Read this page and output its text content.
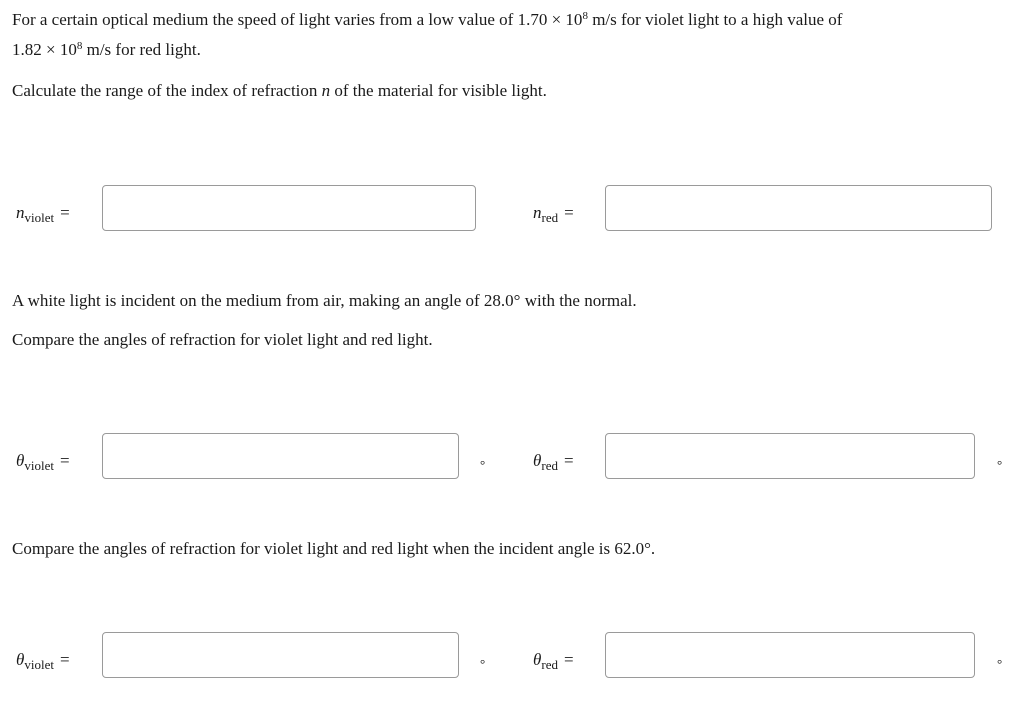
For a certain optical medium the speed of light varies from a low value of $1.70 \times 10^8$ m/s for violet light to a high value of

$1.82 \times 10^8$ m/s for red light.

Calculate the range of the index of refraction n of the material for visible light.

$n_{violet}$ =	$n_{red}$ =

A white light is incident on the medium from air, making an angle of 28.0° with the normal.

Compare the angles of refraction for violet light and red light.

$\theta_{violet}$ =	°	$\theta_{red}$ =	°

Compare the angles of refraction for violet light and red light when the incident angle is 62.0°.

$\theta_{violet}$ =	°	$\theta_{red}$ =	°
